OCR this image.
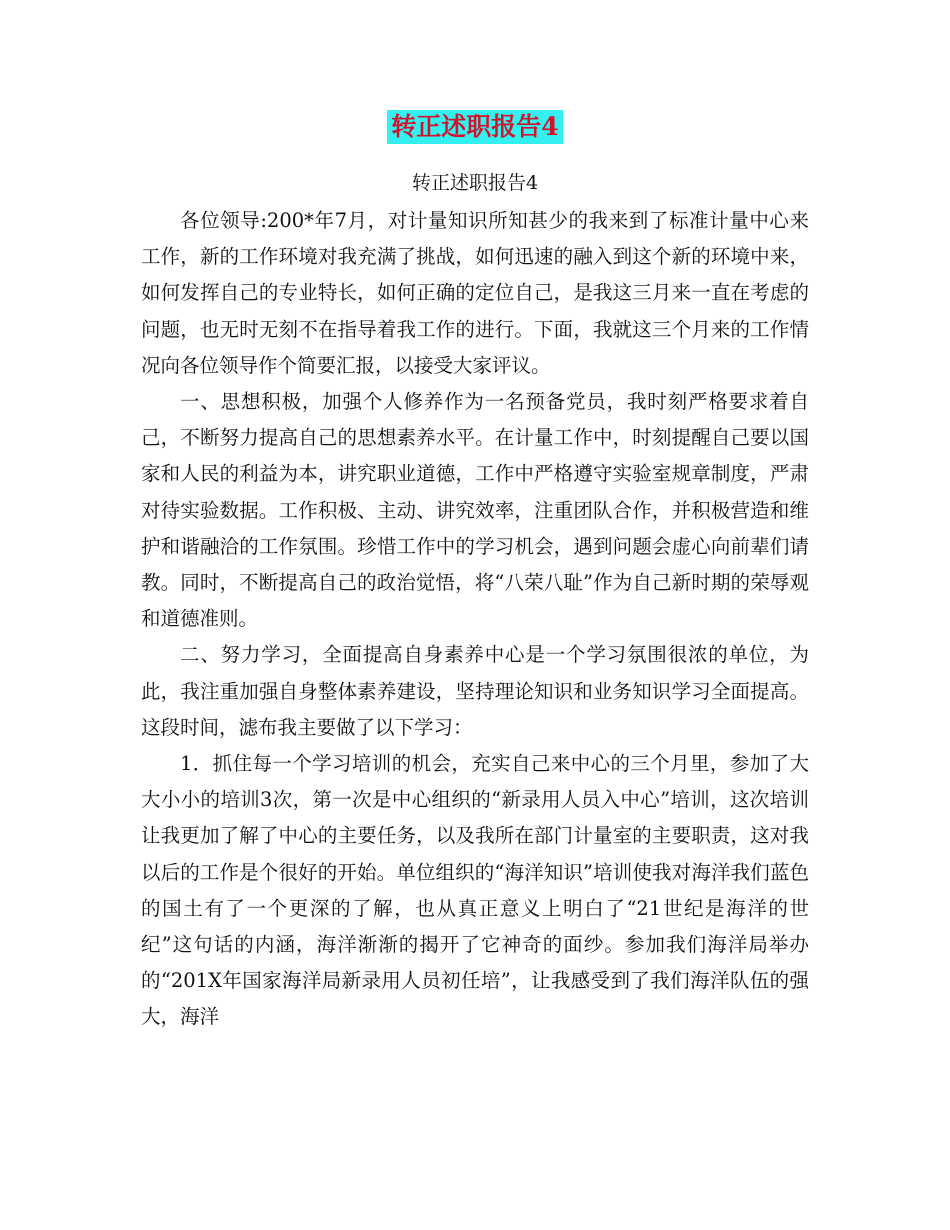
转正述职报告4
转正述职报告4

各位领导:200*年7月，对计量知识所知甚少的我来到了标准计量中心来工作，新的工作环境对我充满了挑战，如何迅速的融入到这个新的环境中来，如何发挥自己的专业特长，如何正确的定位自己，是我这三月来一直在考虑的问题，也无时无刻不在指导着我工作的进行。下面，我就这三个月来的工作情况向各位领导作个简要汇报，以接受大家评议。

一、思想积极，加强个人修养作为一名预备党员，我时刻严格要求着自己，不断努力提高自己的思想素养水平。在计量工作中，时刻提醒自己要以国家和人民的利益为本，讲究职业道德，工作中严格遵守实验室规章制度，严肃对待实验数据。工作积极、主动、讲究效率，注重团队合作，并积极营造和维护和谐融洽的工作氛围。珍惜工作中的学习机会，遇到问题会虚心向前辈们请教。同时，不断提高自己的政治觉悟，将“八荣八耻”作为自己新时期的荣辱观和道德准则。

二、努力学习，全面提高自身素养中心是一个学习氛围很浓的单位，为此，我注重加强自身整体素养建设，坚持理论知识和业务知识学习全面提高。这段时间，滤布我主要做了以下学习：

1．抓住每一个学习培训的机会，充实自己来中心的三个月里，参加了大大小小的培训3次，第一次是中心组织的“新录用人员入中心”培训，这次培训让我更加了解了中心的主要任务，以及我所在部门计量室的主要职责，这对我以后的工作是个很好的开始。单位组织的“海洋知识”培训使我对海洋我们蓝色的国土有了一个更深的了解，也从真正意义上明白了“21世纪是海洋的世纪”这句话的内涵，海洋渐渐的揭开了它神奇的面纱。参加我们海洋局举办的“201X年国家海洋局新录用人员初任培”，让我感受到了我们海洋队伍的强大，海洋
